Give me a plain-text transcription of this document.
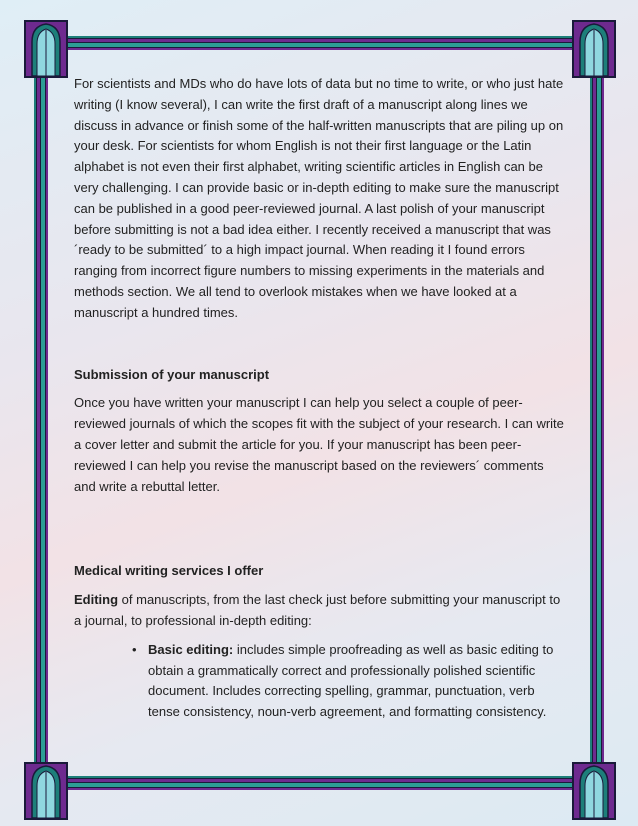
For scientists and MDs who do have lots of data but no time to write, or who just hate writing (I know several), I can write the first draft of a manuscript along lines we discuss in advance or finish some of the half-written manuscripts that are piling up on your desk. For scientists for whom English is not their first language or the Latin alphabet is not even their first alphabet, writing scientific articles in English can be very challenging. I can provide basic or in-depth editing to make sure the manuscript can be published in a good peer-reviewed journal. A last polish of your manuscript before submitting is not a bad idea either. I recently received a manuscript that was ´ready to be submitted´ to a high impact journal. When reading it I found errors ranging from incorrect figure numbers to missing experiments in the materials and methods section. We all tend to overlook mistakes when we have looked at a manuscript a hundred times.

Submission of your manuscript

Once you have written your manuscript I can help you select a couple of peer-reviewed journals of which the scopes fit with the subject of your research. I can write a cover letter and submit the article for you. If your manuscript has been peer-reviewed I can help you revise the manuscript based on the reviewers´ comments and write a rebuttal letter.

Medical writing services I offer

Editing of manuscripts, from the last check just before submitting your manuscript to a journal, to professional in-depth editing:

• Basic editing: includes simple proofreading as well as basic editing to obtain a grammatically correct and professionally polished scientific document. Includes correcting spelling, grammar, punctuation, verb tense consistency, noun-verb agreement, and formatting consistency.
